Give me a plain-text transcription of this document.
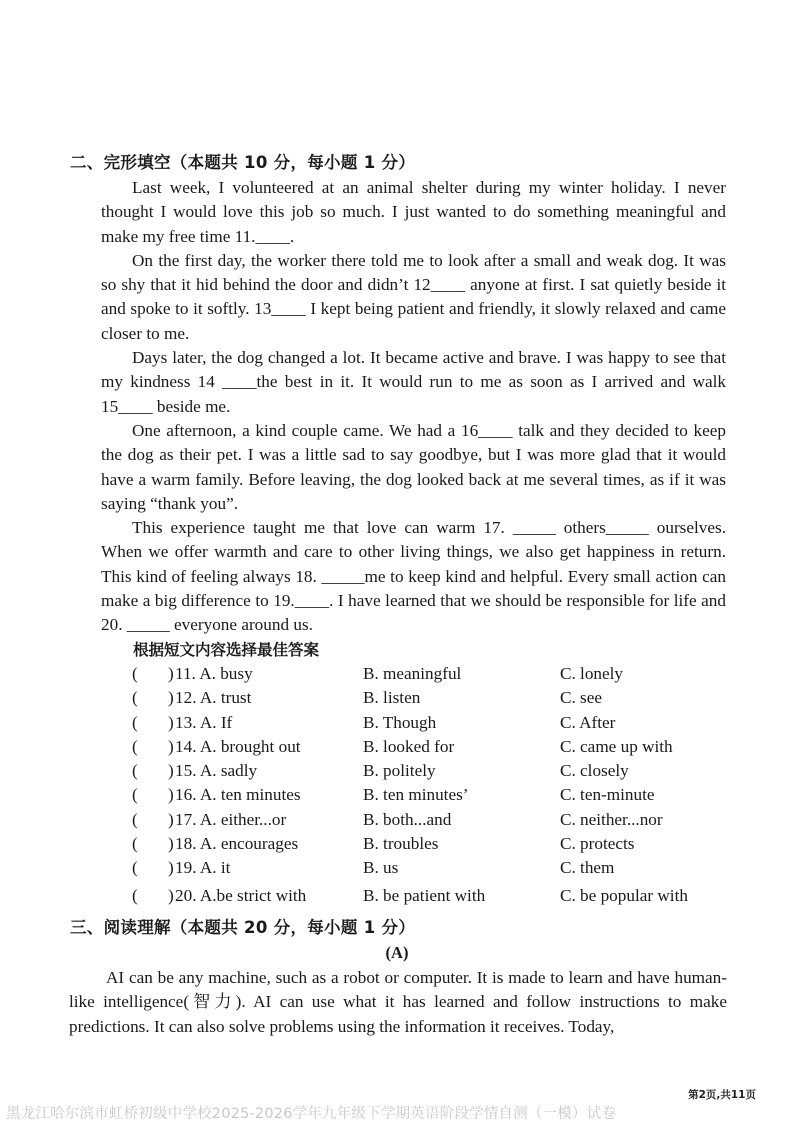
二、完形填空（本题共 10 分，每小题 1 分）

Last week, I volunteered at an animal shelter during my winter holiday. I never thought I would love this job so much. I just wanted to do something meaningful and make my free time 11.____.

On the first day, the worker there told me to look after a small and weak dog. It was so shy that it hid behind the door and didn’t 12____ anyone at first. I sat quietly beside it and spoke to it softly. 13____ I kept being patient and friendly, it slowly relaxed and came closer to me.

Days later, the dog changed a lot. It became active and brave. I was happy to see that my kindness 14 ____the best in it. It would run to me as soon as I arrived and walk 15____ beside me.

One afternoon, a kind couple came. We had a 16____ talk and they decided to keep the dog as their pet. I was a little sad to say goodbye, but I was more glad that it would have a warm family. Before leaving, the dog looked back at me several times, as if it was saying “thank you”.

This experience taught me that love can warm 17. _____ others_____ ourselves. When we offer warmth and care to other living things, we also get happiness in return. This kind of feeling always 18. _____me to keep kind and helpful. Every small action can make a big difference to 19.____. I have learned that we should be responsible for life and 20. _____ everyone around us.

根据短文内容选择最佳答案
( ) 11. A. busy	B. meaningful	C. lonely
( ) 12. A. trust	B. listen	C. see
( ) 13. A. If	B. Though	C. After
( ) 14. A. brought out	B. looked for	C. came up with
( ) 15. A. sadly	B. politely	C. closely
( ) 16. A. ten minutes	B. ten minutes’	C. ten-minute
( ) 17. A. either...or	B. both...and	C. neither...nor
( ) 18. A. encourages	B. troubles	C. protects
( ) 19. A. it	B. us	C. them
( ) 20. A.be strict with	B. be patient with	C. be popular with
三、阅读理解（本题共 20 分，每小题 1 分）
(A)

AI can be any machine, such as a robot or computer. It is made to learn and have human-like intelligence(智力). AI can use what it has learned and follow instructions to make predictions. It can also solve problems using the information it receives. Today,

第2页,共11页
黑龙江哈尔滨市虹桥初级中学校2025-2026学年九年级下学期英语阶段学情自测（一模）试卷
